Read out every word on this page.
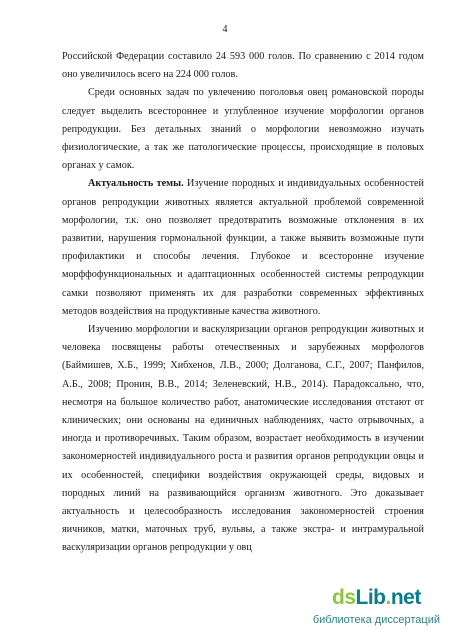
4

Российской Федерации составило 24 593 000 голов. По сравнению с 2014 годом оно увеличилось всего на 224 000 голов.

Среди основных задач по увлечению поголовья овец романовской породы следует выделить всестороннее и углубленное изучение морфологии органов репродукции. Без детальных знаний о морфологии невозможно изучать физиологические, а так же патологические процессы, происходящие в половых органах у самок.

Актуальность темы. Изучение породных и индивидуальных особенностей органов репродукции животных является актуальной проблемой современной морфологии, т.к. оно позволяет предотвратить возможные отклонения в их развитии, нарушения гормональной функции, а также выявить возможные пути профилактики и способы лечения. Глубокое и всесторонне изучение морффофункциональных и адаптационных особенностей системы репродукции самки позволяют применять их для разработки современных эффективных методов воздействия на продуктивные качества животного.

Изучению морфологии и васкуляризации органов репродукции животных и человека посвящены работы отечественных и зарубежных морфологов (Баймишев, Х.Б., 1999; Хибхенов, Л.В., 2000; Долганова, С.Г., 2007; Панфилов, А.Б., 2008; Пронин, В.В., 2014; Зеленевский, Н.В., 2014). Парадоксально, что, несмотря на большое количество работ, анатомические исследования отстают от клинических; они основаны на единичных наблюдениях, часто отрывочных, а иногда и противоречивых. Таким образом, возрастает необходимость в изучении закономерностей индивидуального роста и развития органов репродукции овцы и их особенностей, специфики воздействия окружающей среды, видовых и породных линий на развивающийся организм животного. Это доказывает актуальность и целесообразность исследования закономерностей строения яичников, матки, маточных труб, вульвы, а также экстра- и интрамуральной васкуляризации органов репродукции у овц

dsLib.net
библиотека диссертаций
